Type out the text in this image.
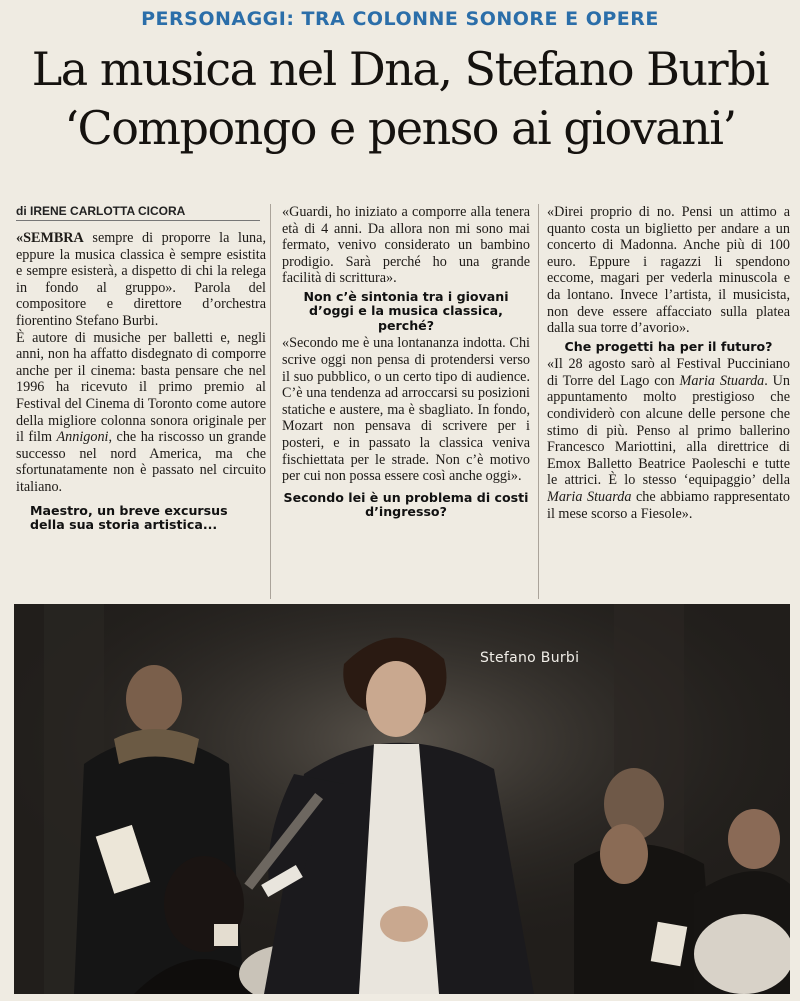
PERSONAGGI: TRA COLONNE SONORE E OPERE
La musica nel Dna, Stefano Burbi
‘Compongo e penso ai giovani’
di IRENE CARLOTTA CICORA

«SEMBRA sempre di proporre la luna, eppure la musica classica è sempre esistita e sempre esisterà, a dispetto di chi la relega in fondo al gruppo». Parola del compositore e direttore d’orchestra fiorentino Stefano Burbi.

È autore di musiche per balletti e, negli anni, non ha affatto disdegnato di comporre anche per il cinema: basta pensare che nel 1996 ha ricevuto il primo premio al Festival del Cinema di Toronto come autore della migliore colonna sonora originale per il film Annigoni, che ha riscosso un grande successo nel nord America, ma che sfortunatamente non è passato nel circuito italiano.

Maestro, un breve excursus della sua storia artistica...

«Guardi, ho iniziato a comporre alla tenera età di 4 anni. Da allora non mi sono mai fermato, venivo considerato un bambino prodigio. Sarà perché ho una grande facilità di scrittura».

Non c’è sintonia tra i giovani d’oggi e la musica classica, perché?

«Secondo me è una lontananza indotta. Chi scrive oggi non pensa di protendersi verso il suo pubblico, o un certo tipo di audience. C’è una tendenza ad arroccarsi su posizioni statiche e austere, ma è sbagliato. In fondo, Mozart non pensava di scrivere per i posteri, e in passato la classica veniva fischiettata per le strade. Non c’è motivo per cui non possa essere così anche oggi».

Secondo lei è un problema di costi d’ingresso?

«Direi proprio di no. Pensi un attimo a quanto costa un biglietto per andare a un concerto di Madonna. Anche più di 100 euro. Eppure i ragazzi li spendono eccome, magari per vederla minuscola e da lontano. Invece l’artista, il musicista, non deve essere affacciato sulla platea dalla sua torre d’avorio».

Che progetti ha per il futuro?

«Il 28 agosto sarò al Festival Pucciniano di Torre del Lago con Maria Stuarda. Un appuntamento molto prestigioso che condividerò con alcune delle persone che stimo di più. Penso al primo ballerino Francesco Mariottini, alla direttrice di Emox Balletto Beatrice Paoleschi e tutte le attrici. È lo stesso ‘equipaggio’ della Maria Stuarda che abbiamo rappresentato il mese scorso a Fiesole».

Stefano Burbi
